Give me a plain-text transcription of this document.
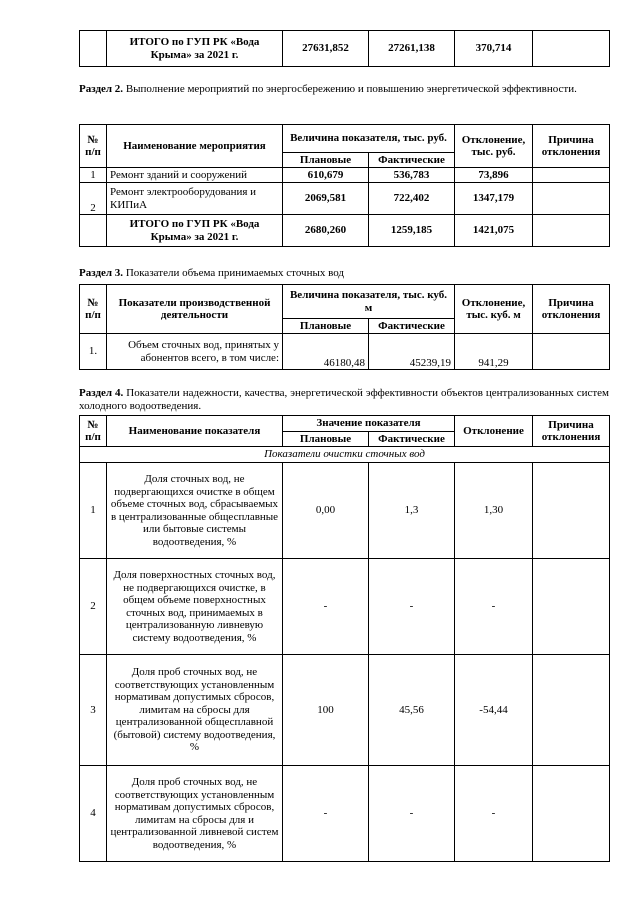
	ИТОГО по ГУП РК «Вода Крыма» за 2021 г.	27631,852	27261,138	370,714	
Раздел 2. Выполнение мероприятий по энергосбережению и повышению энергетической эффективности.
№ п/п	Наименование мероприятия	Величина показателя, тыс. руб.		Отклонение, тыс. руб.	Причина отклонения
		Плановые	Фактические		
1	Ремонт зданий и сооружений	610,679	536,783	73,896	
2	Ремонт электрооборудования и КИПиА	2069,581	722,402	1347,179	
	ИТОГО по ГУП РК «Вода Крыма» за 2021 г.	2680,260	1259,185	1421,075	
Раздел 3. Показатели объема принимаемых сточных вод
№ п/п	Показатели производственной деятельности	Величина показателя, тыс. куб. м		Отклонение, тыс. куб. м	Причина отклонения
		Плановые	Фактические		
1.	Объем сточных вод, принятых у абонентов всего, в том числе:	46180,48	45239,19	941,29	
Раздел 4. Показатели надежности, качества, энергетической эффективности объектов централизованных систем холодного водоотведения.
№ п/п	Наименование показателя	Значение показателя		Отклонение	Причина отклонения
		Плановые	Фактические		
Показатели очистки сточных вод					
1	Доля сточных вод, не подвергающихся очистке в общем объеме сточных вод, сбрасываемых в централизованные общесплавные или бытовые системы водоотведения, %	0,00	1,3	1,30	
2	Доля поверхностных сточных вод, не подвергающихся очистке, в общем объеме поверхностных сточных вод, принимаемых в централизованную ливневую систему водоотведения, %	-	-	-	
3	Доля проб сточных вод, не соответствующих установленным нормативам допустимых сбросов, лимитам на сбросы для централизованной общесплавной (бытовой) систему водоотведения, %	100	45,56	-54,44	
4	Доля проб сточных вод, не соответствующих установленным нормативам допустимых сбросов, лимитам на сбросы для и централизованной ливневой систем водоотведения, %	-	-	-	
